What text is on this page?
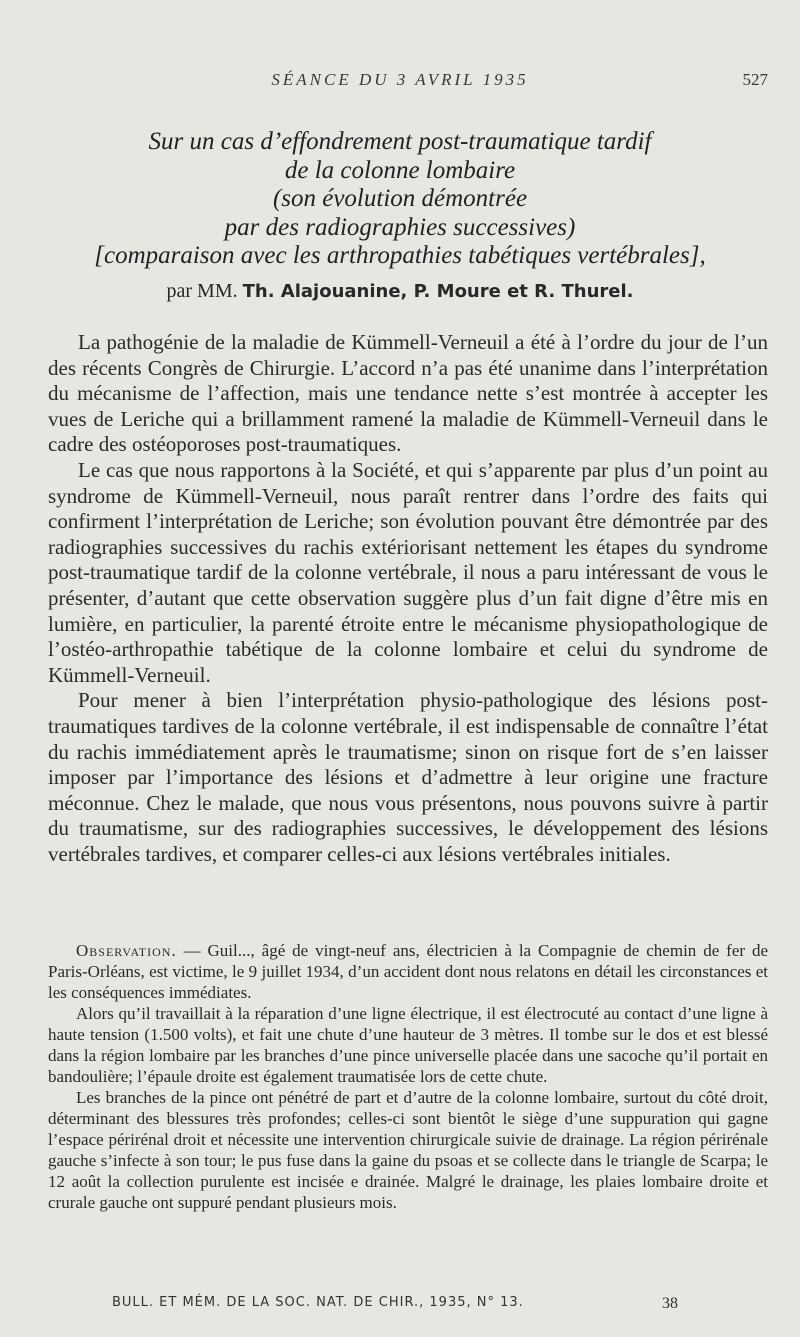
SÉANCE DU 3 AVRIL 1935	527
Sur un cas d’effondrement post-traumatique tardif
de la colonne lombaire
(son évolution démontrée
par des radiographies successives)
[comparaison avec les arthropathies tabétiques vertébrales],
par MM. Th. Alajouanine, P. Moure et R. Thurel.

La pathogénie de la maladie de Kümmell-Verneuil a été à l’ordre du jour de l’un des récents Congrès de Chirurgie. L’accord n’a pas été unanime dans l’interprétation du mécanisme de l’affection, mais une tendance nette s’est montrée à accepter les vues de Leriche qui a brillamment ramené la maladie de Kümmell-Verneuil dans le cadre des ostéoporoses post-traumatiques.

Le cas que nous rapportons à la Société, et qui s’apparente par plus d’un point au syndrome de Kümmell-Verneuil, nous paraît rentrer dans l’ordre des faits qui confirment l’interprétation de Leriche; son évolution pouvant être démontrée par des radiographies successives du rachis extériorisant nettement les étapes du syndrome post-traumatique tardif de la colonne vertébrale, il nous a paru intéressant de vous le présenter, d’autant que cette observation suggère plus d’un fait digne d’être mis en lumière, en particulier, la parenté étroite entre le mécanisme physiopathologique de l’ostéo-arthropathie tabétique de la colonne lombaire et celui du syndrome de Kümmell-Verneuil.

Pour mener à bien l’interprétation physio-pathologique des lésions post-traumatiques tardives de la colonne vertébrale, il est indispensable de connaître l’état du rachis immédiatement après le traumatisme; sinon on risque fort de s’en laisser imposer par l’importance des lésions et d’admettre à leur origine une fracture méconnue. Chez le malade, que nous vous présentons, nous pouvons suivre à partir du traumatisme, sur des radiographies successives, le développement des lésions vertébrales tardives, et comparer celles-ci aux lésions vertébrales initiales.

Observation. — Guil..., âgé de vingt-neuf ans, électricien à la Compagnie de chemin de fer de Paris-Orléans, est victime, le 9 juillet 1934, d’un accident dont nous relatons en détail les circonstances et les conséquences immédiates.

Alors qu’il travaillait à la réparation d’une ligne électrique, il est électrocuté au contact d’une ligne à haute tension (1.500 volts), et fait une chute d’une hauteur de 3 mètres. Il tombe sur le dos et est blessé dans la région lombaire par les branches d’une pince universelle placée dans une sacoche qu’il portait en bandoulière; l’épaule droite est également traumatisée lors de cette chute.

Les branches de la pince ont pénétré de part et d’autre de la colonne lombaire, surtout du côté droit, déterminant des blessures très profondes; celles-ci sont bientôt le siège d’une suppuration qui gagne l’espace périrénal droit et nécessite une intervention chirurgicale suivie de drainage. La région périrénale gauche s’infecte à son tour; le pus fuse dans la gaine du psoas et se collecte dans le triangle de Scarpa; le 12 août la collection purulente est incisée e drainée. Malgré le drainage, les plaies lombaire droite et crurale gauche ont suppuré pendant plusieurs mois.

BULL. ET MÉM. DE LA SOC. NAT. DE CHIR., 1935, N° 13.	38
